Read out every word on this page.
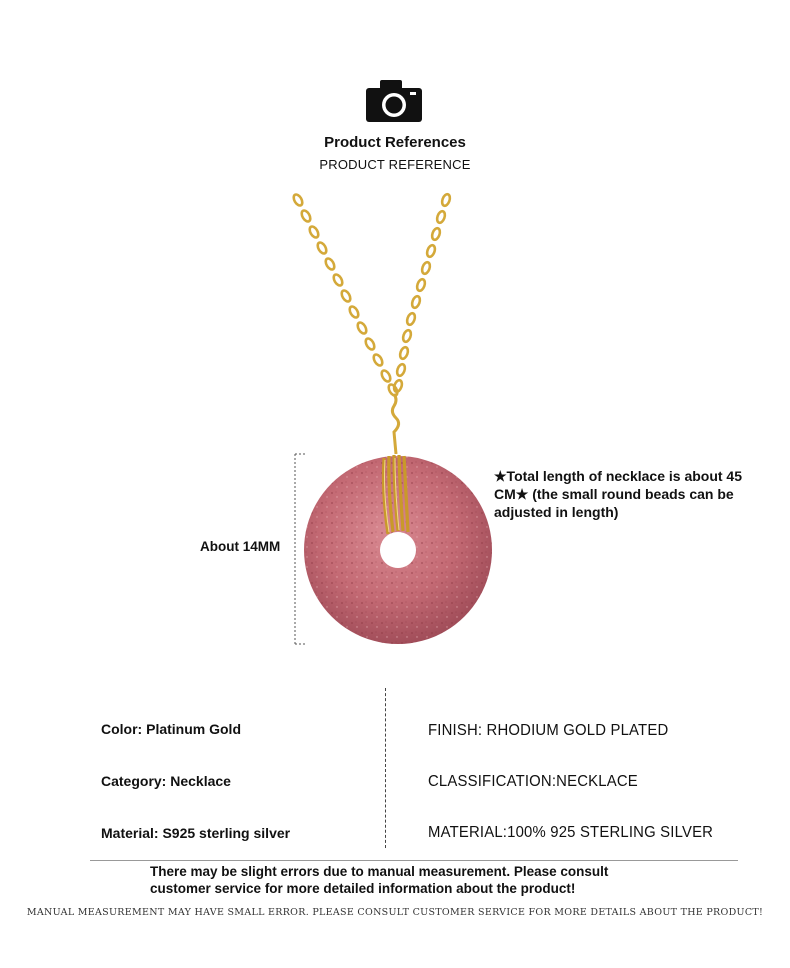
Product References
PRODUCT REFERENCE
About 14MM
★Total length of necklace is about 45 CM★ (the small round beads can be adjusted in length)
Color: Platinum Gold
Category: Necklace
Material: S925 sterling silver
FINISH: RHODIUM GOLD PLATED
CLASSIFICATION:NECKLACE
MATERIAL:100% 925 STERLING SILVER
There may be slight errors due to manual measurement. Please consult customer service for more detailed information about the product!
MANUAL MEASUREMENT MAY HAVE SMALL ERROR. PLEASE CONSULT CUSTOMER SERVICE FOR MORE DETAILS ABOUT THE PRODUCT!
